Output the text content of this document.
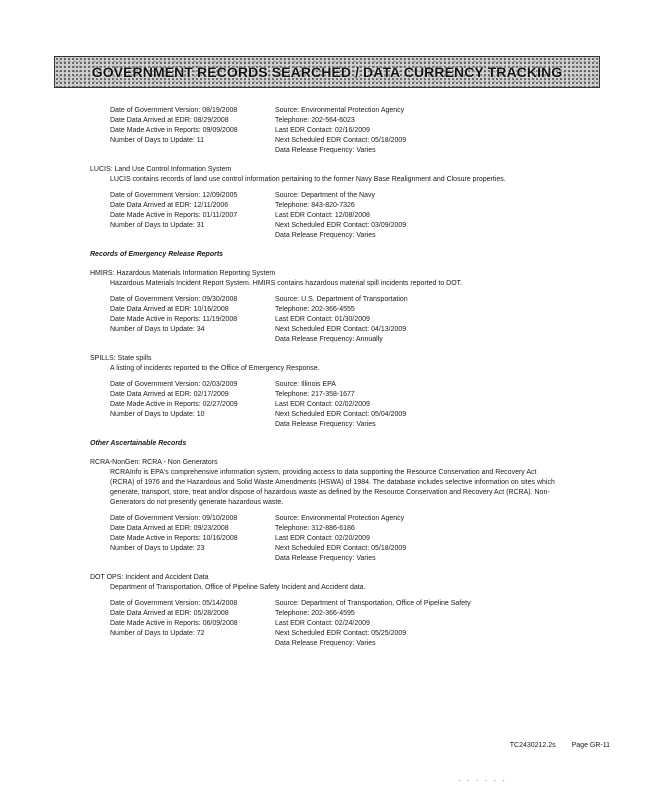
GOVERNMENT RECORDS SEARCHED / DATA CURRENCY TRACKING
Date of Government Version: 08/19/2008
Date Data Arrived at EDR: 08/29/2008
Date Made Active in Reports: 09/09/2008
Number of Days to Update: 11
Source: Environmental Protection Agency
Telephone: 202-564-6023
Last EDR Contact: 02/16/2009
Next Scheduled EDR Contact: 05/18/2009
Data Release Frequency: Varies
LUCIS: Land Use Control Information System
LUCIS contains records of land use control information pertaining to the former Navy Base Realignment and Closure properties.
Date of Government Version: 12/09/2005
Date Data Arrived at EDR: 12/11/2006
Date Made Active in Reports: 01/11/2007
Number of Days to Update: 31
Source: Department of the Navy
Telephone: 843-820-7326
Last EDR Contact: 12/08/2008
Next Scheduled EDR Contact: 03/09/2009
Data Release Frequency: Varies
Records of Emergency Release Reports
HMIRS: Hazardous Materials Information Reporting System
Hazardous Materials Incident Report System. HMIRS contains hazardous material spill incidents reported to DOT.
Date of Government Version: 09/30/2008
Date Data Arrived at EDR: 10/16/2008
Date Made Active in Reports: 11/19/2008
Number of Days to Update: 34
Source: U.S. Department of Transportation
Telephone: 202-366-4555
Last EDR Contact: 01/30/2009
Next Scheduled EDR Contact: 04/13/2009
Data Release Frequency: Annually
SPILLS: State spills
A listing of incidents reported to the Office of Emergency Response.
Date of Government Version: 02/03/2009
Date Data Arrived at EDR: 02/17/2009
Date Made Active in Reports: 02/27/2009
Number of Days to Update: 10
Source: Illinois EPA
Telephone: 217-358-1677
Last EDR Contact: 02/02/2009
Next Scheduled EDR Contact: 05/04/2009
Data Release Frequency: Varies
Other Ascertainable Records
RCRA-NonGen: RCRA - Non Generators
RCRAInfo is EPA's comprehensive information system, providing access to data supporting the Resource Conservation and Recovery Act (RCRA) of 1976 and the Hazardous and Solid Waste Amendments (HSWA) of 1984. The database includes selective information on sites which generate, transport, store, treat and/or dispose of hazardous waste as defined by the Resource Conservation and Recovery Act (RCRA). Non-Generators do not presently generate hazardous waste.
Date of Government Version: 09/10/2008
Date Data Arrived at EDR: 09/23/2008
Date Made Active in Reports: 10/16/2008
Number of Days to Update: 23
Source: Environmental Protection Agency
Telephone: 312-886-6186
Last EDR Contact: 02/20/2009
Next Scheduled EDR Contact: 05/18/2009
Data Release Frequency: Varies
DOT OPS: Incident and Accident Data
Department of Transportation, Office of Pipeline Safety Incident and Accident data.
Date of Government Version: 05/14/2008
Date Data Arrived at EDR: 05/28/2008
Date Made Active in Reports: 06/09/2008
Number of Days to Update: 72
Source: Department of Transportation, Office of Pipeline Safety
Telephone: 202-366-4595
Last EDR Contact: 02/24/2009
Next Scheduled EDR Contact: 05/25/2009
Data Release Frequency: Varies
TC2430212.2s Page GR-11
· · · · · ·
